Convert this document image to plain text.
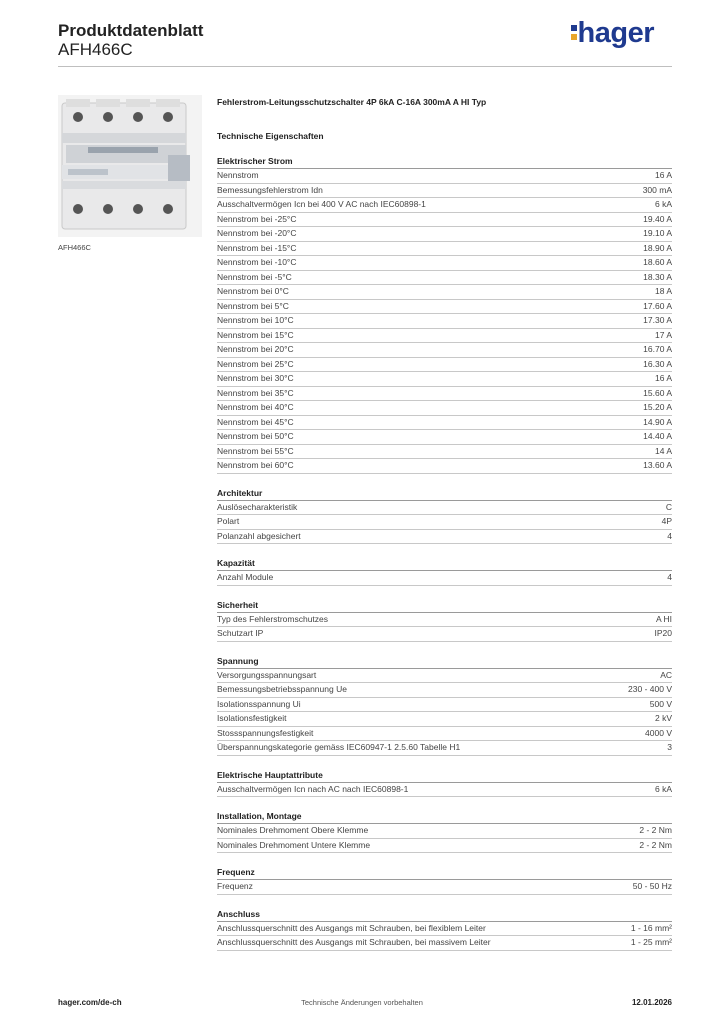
Produktdatenblatt
AFH466C
hager
AFH466C
Fehlerstrom-Leitungsschutzschalter 4P 6kA C-16A 300mA A HI Typ
Technische Eigenschaften
Elektrischer Strom
Nennstrom	16 A
Bemessungsfehlerstrom Idn	300 mA
Ausschaltvermögen Icn bei 400 V AC nach IEC60898-1	6 kA
Nennstrom bei -25°C	19.40 A
Nennstrom bei -20°C	19.10 A
Nennstrom bei -15°C	18.90 A
Nennstrom bei -10°C	18.60 A
Nennstrom bei -5°C	18.30 A
Nennstrom bei 0°C	18 A
Nennstrom bei 5°C	17.60 A
Nennstrom bei 10°C	17.30 A
Nennstrom bei 15°C	17 A
Nennstrom bei 20°C	16.70 A
Nennstrom bei 25°C	16.30 A
Nennstrom bei 30°C	16 A
Nennstrom bei 35°C	15.60 A
Nennstrom bei 40°C	15.20 A
Nennstrom bei 45°C	14.90 A
Nennstrom bei 50°C	14.40 A
Nennstrom bei 55°C	14 A
Nennstrom bei 60°C	13.60 A
Architektur
Auslösecharakteristik	C
Polart	4P
Polanzahl abgesichert	4
Kapazität
Anzahl Module	4
Sicherheit
Typ des Fehlerstromschutzes	A HI
Schutzart IP	IP20
Spannung
Versorgungsspannungsart	AC
Bemessungsbetriebsspannung Ue	230 - 400 V
Isolationsspannung Ui	500 V
Isolationsfestigkeit	2 kV
Stossspannungsfestigkeit	4000 V
Überspannungskategorie gemäss IEC60947-1 2.5.60 Tabelle H1	3
Elektrische Hauptattribute
Ausschaltvermögen Icn nach AC nach IEC60898-1	6 kA
Installation, Montage
Nominales Drehmoment Obere Klemme	2 - 2 Nm
Nominales Drehmoment Untere Klemme	2 - 2 Nm
Frequenz
Frequenz	50 - 50 Hz
Anschluss
Anschlussquerschnitt des Ausgangs mit Schrauben, bei flexiblem Leiter	1 - 16 mm²
Anschlussquerschnitt des Ausgangs mit Schrauben, bei massivem Leiter	1 - 25 mm²
hager.com/de-ch	Technische Änderungen vorbehalten	12.01.2026
